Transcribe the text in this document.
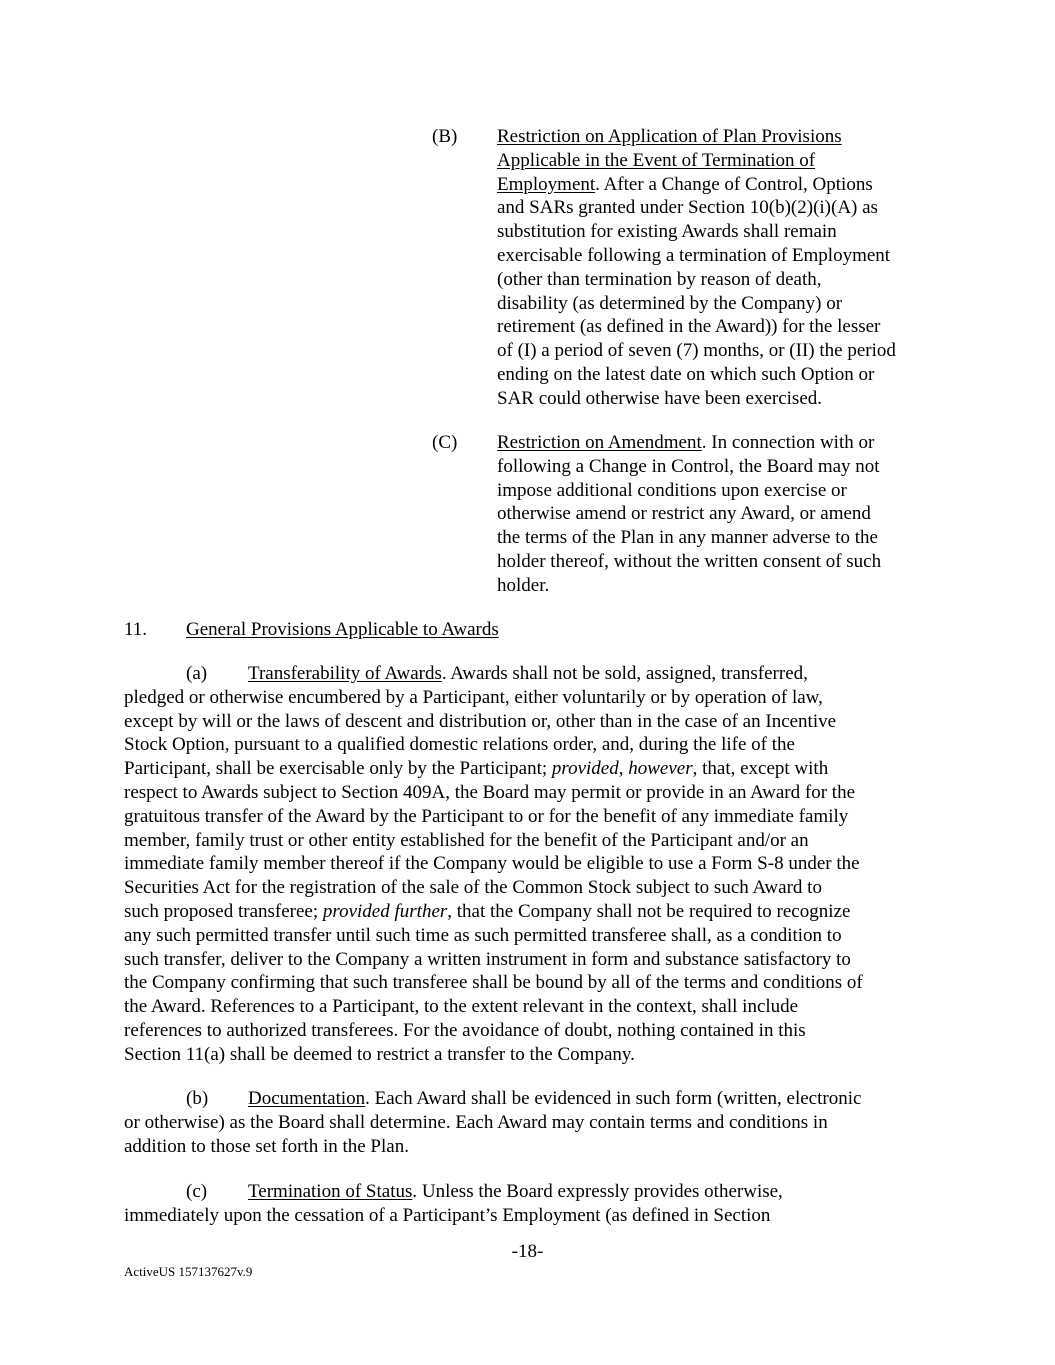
(B) Restriction on Application of Plan Provisions
Applicable in the Event of Termination of
Employment. After a Change of Control, Options
and SARs granted under Section 10(b)(2)(i)(A) as
substitution for existing Awards shall remain
exercisable following a termination of Employment
(other than termination by reason of death,
disability (as determined by the Company) or
retirement (as defined in the Award)) for the lesser
of (I) a period of seven (7) months, or (II) the period
ending on the latest date on which such Option or
SAR could otherwise have been exercised.
(C) Restriction on Amendment. In connection with or
following a Change in Control, the Board may not
impose additional conditions upon exercise or
otherwise amend or restrict any Award, or amend
the terms of the Plan in any manner adverse to the
holder thereof, without the written consent of such
holder.
11. General Provisions Applicable to Awards
(a) Transferability of Awards. Awards shall not be sold, assigned, transferred,
pledged or otherwise encumbered by a Participant, either voluntarily or by operation of law,
except by will or the laws of descent and distribution or, other than in the case of an Incentive
Stock Option, pursuant to a qualified domestic relations order, and, during the life of the
Participant, shall be exercisable only by the Participant; provided, however, that, except with
respect to Awards subject to Section 409A, the Board may permit or provide in an Award for the
gratuitous transfer of the Award by the Participant to or for the benefit of any immediate family
member, family trust or other entity established for the benefit of the Participant and/or an
immediate family member thereof if the Company would be eligible to use a Form S-8 under the
Securities Act for the registration of the sale of the Common Stock subject to such Award to
such proposed transferee; provided further, that the Company shall not be required to recognize
any such permitted transfer until such time as such permitted transferee shall, as a condition to
such transfer, deliver to the Company a written instrument in form and substance satisfactory to
the Company confirming that such transferee shall be bound by all of the terms and conditions of
the Award. References to a Participant, to the extent relevant in the context, shall include
references to authorized transferees. For the avoidance of doubt, nothing contained in this
Section 11(a) shall be deemed to restrict a transfer to the Company.
(b) Documentation. Each Award shall be evidenced in such form (written, electronic
or otherwise) as the Board shall determine. Each Award may contain terms and conditions in
addition to those set forth in the Plan.
(c) Termination of Status. Unless the Board expressly provides otherwise,
immediately upon the cessation of a Participant’s Employment (as defined in Section
-18-
ActiveUS 157137627v.9
